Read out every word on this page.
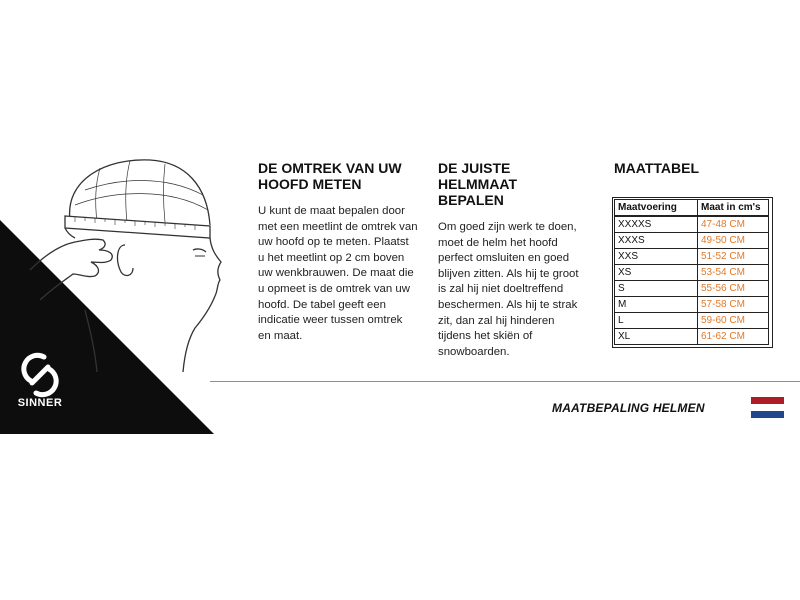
SINNER
DE OMTREK VAN UW HOOFD METEN

U kunt de maat bepalen door met een meetlint de omtrek van uw hoofd op te meten. Plaatst u het meetlint op 2 cm boven uw wenkbrauwen. De maat die u opmeet is de omtrek van uw hoofd. De tabel geeft een indicatie weer tussen omtrek en maat.

DE JUISTE HELMMAAT BEPALEN

Om goed zijn werk te doen, moet de helm het hoofd perfect omsluiten en goed blijven zitten. Als hij te groot is zal hij niet doeltreffend beschermen. Als hij te strak zit, dan zal hij hinderen tijdens het skiën of snowboarden.

MAATTABEL
Maatvoering	Maat in cm's
XXXXS	47-48 CM
XXXS	49-50 CM
XXS	51-52 CM
XS	53-54 CM
S	55-56 CM
M	57-58 CM
L	59-60 CM
XL	61-62 CM
MAATBEPALING HELMEN
